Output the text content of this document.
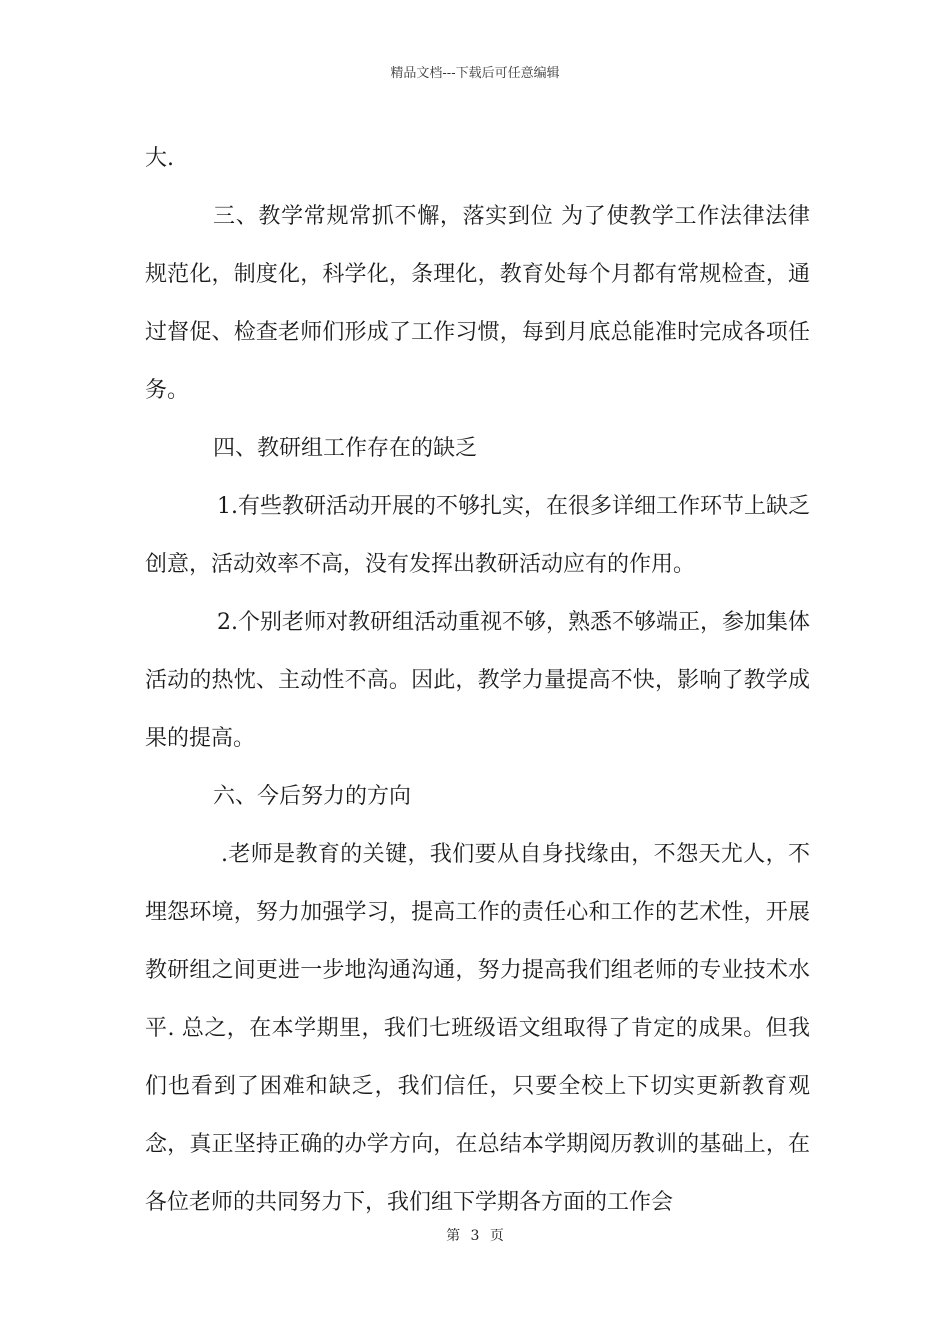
精品文档---下载后可任意编辑

大.

三、教学常规常抓不懈，落实到位 为了使教学工作法律法律规范化，制度化，科学化，条理化，教育处每个月都有常规检查，通过督促、检查老师们形成了工作习惯，每到月底总能准时完成各项任务。

四、教研组工作存在的缺乏

1.有些教研活动开展的不够扎实，在很多详细工作环节上缺乏创意，活动效率不高，没有发挥出教研活动应有的作用。

2.个别老师对教研组活动重视不够，熟悉不够端正，参加集体活动的热忱、主动性不高。因此，教学力量提高不快，影响了教学成果的提高。

六、今后努力的方向

.老师是教育的关键，我们要从自身找缘由，不怨天尤人，不埋怨环境，努力加强学习，提高工作的责任心和工作的艺术性，开展教研组之间更进一步地沟通沟通，努力提高我们组老师的专业技术水平. 总之，在本学期里，我们七班级语文组取得了肯定的成果。但我们也看到了困难和缺乏，我们信任，只要全校上下切实更新教育观念，真正坚持正确的办学方向，在总结本学期阅历教训的基础上，在各位老师的共同努力下，我们组下学期各方面的工作会

第 3 页
